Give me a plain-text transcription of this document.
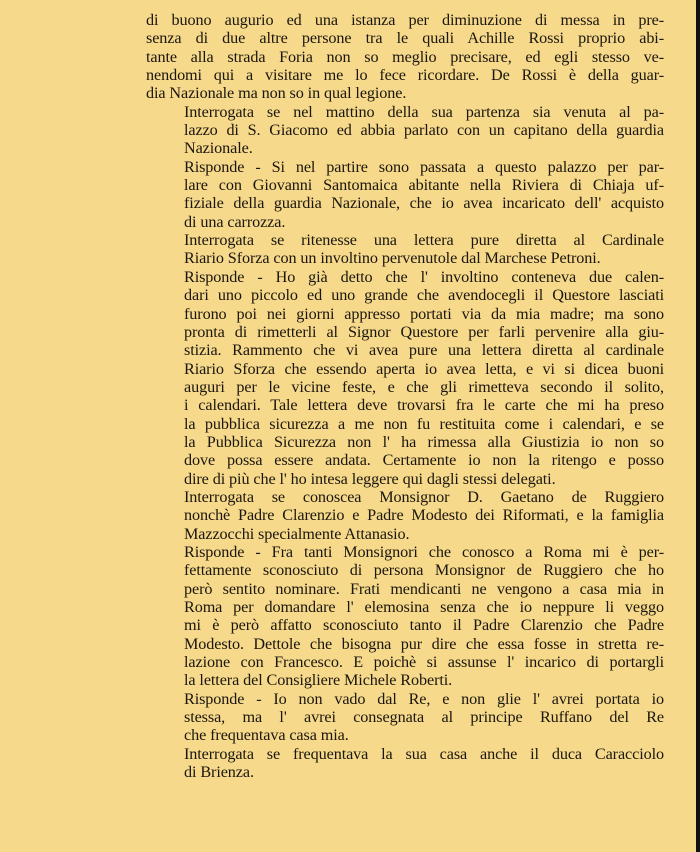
di buono augurio ed una istanza per diminuzione di messa in pre-
senza di due altre persone tra le quali Achille Rossi proprio abi-
tante alla strada Foria non so meglio precisare, ed egli stesso ve-
nendomi qui a visitare me lo fece ricordare. De Rossi è della guar-
dia Nazionale ma non so in qual legione.
Interrogata se nel mattino della sua partenza sia venuta al pa-
lazzo di S. Giacomo ed abbia parlato con un capitano della guardia
Nazionale.
Risponde - Si nel partire sono passata a questo palazzo per par-
lare con Giovanni Santomaica abitante nella Riviera di Chiaja uf-
fiziale della guardia Nazionale, che io avea incaricato dell' acquisto
di una carrozza.
Interrogata se ritenesse una lettera pure diretta al Cardinale
Riario Sforza con un involtino pervenutole dal Marchese Petroni.
Risponde - Ho già detto che l' involtino conteneva due calen-
dari uno piccolo ed uno grande che avendocegli il Questore lasciati
furono poi nei giorni appresso portati via da mia madre; ma sono
pronta di rimetterli al Signor Questore per farli pervenire alla giu-
stizia. Rammento che vi avea pure una lettera diretta al cardinale
Riario Sforza che essendo aperta io avea letta, e vi si dicea buoni
auguri per le vicine feste, e che gli rimetteva secondo il solito,
i calendari. Tale lettera deve trovarsi fra le carte che mi ha preso
la pubblica sicurezza a me non fu restituita come i calendari, e se
la Pubblica Sicurezza non l' ha rimessa alla Giustizia io non so
dove possa essere andata. Certamente io non la ritengo e posso
dire di più che l' ho intesa leggere qui dagli stessi delegati.
Interrogata se conoscea Monsignor D. Gaetano de Ruggiero
nonchè Padre Clarenzio e Padre Modesto dei Riformati, e la famiglia
Mazzocchi specialmente Attanasio.
Risponde - Fra tanti Monsignori che conosco a Roma mi è per-
fettamente sconosciuto di persona Monsignor de Ruggiero che ho
però sentito nominare. Frati mendicanti ne vengono a casa mia in
Roma per domandare l' elemosina senza che io neppure li veggo
mi è però affatto sconosciuto tanto il Padre Clarenzio che Padre
Modesto. Dettole che bisogna pur dire che essa fosse in stretta re-
lazione con Francesco. E poichè si assunse l' incarico di portargli
la lettera del Consigliere Michele Roberti.
Risponde - Io non vado dal Re, e non glie l' avrei portata io
stessa, ma l' avrei consegnata al principe Ruffano del Re
che frequentava casa mia.
Interrogata se frequentava la sua casa anche il duca Caracciolo
di Brienza.
